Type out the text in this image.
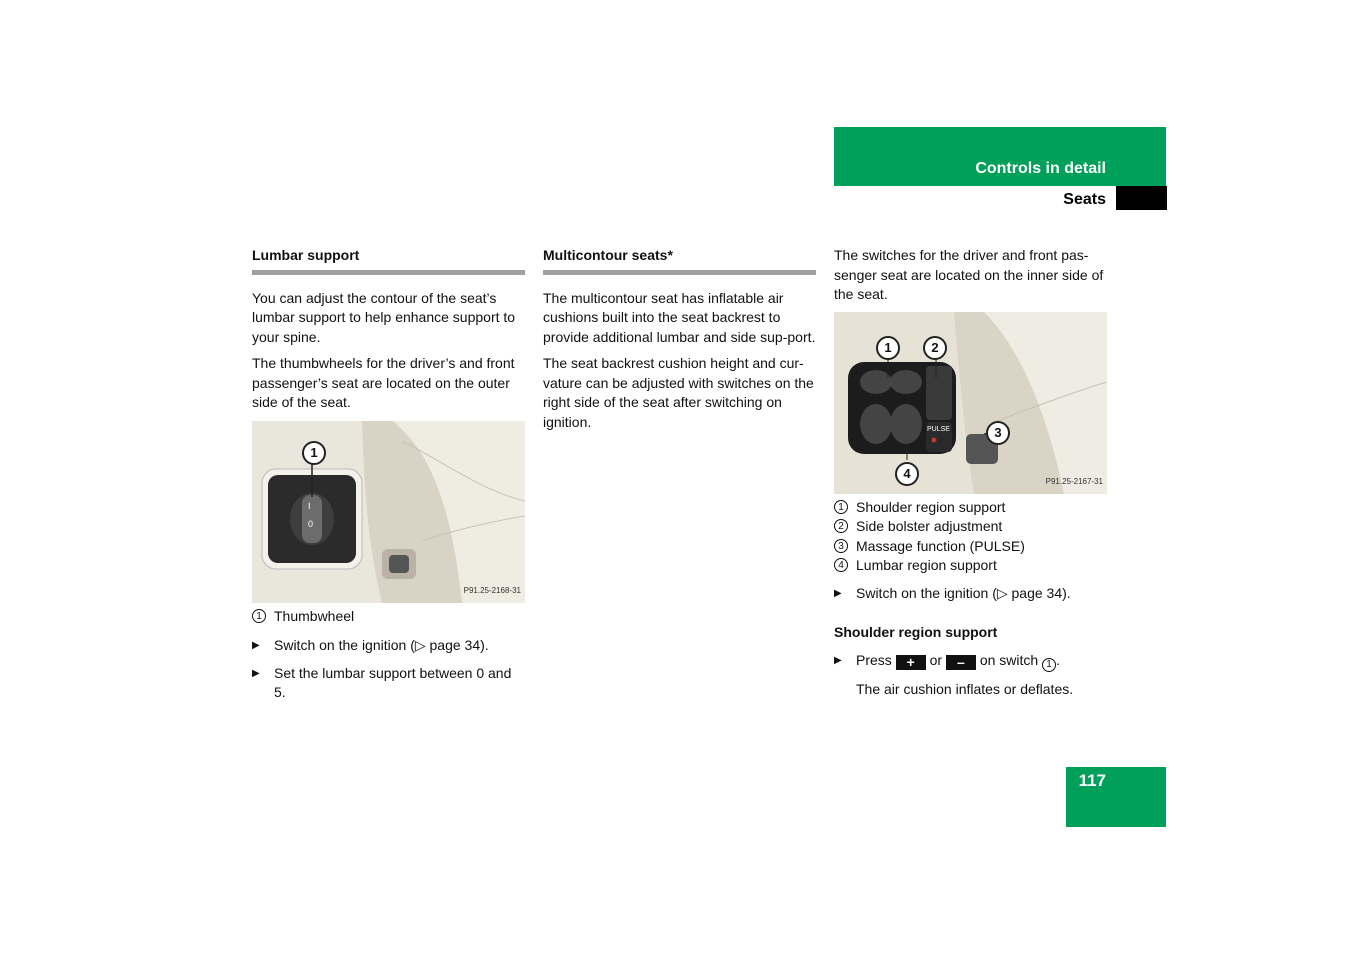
Controls in detail
Seats
Lumbar support

You can adjust the contour of the seat’s lumbar support to help enhance support to your spine.

The thumbwheels for the driver’s and front passenger’s seat are located on the outer side of the seat.

1
I
0
P91.25-2168-31
1 Thumbwheel
▶ Switch on the ignition (▷ page 34).
▶ Set the lumbar support between 0 and 5.
Multicontour seats*

The multicontour seat has inflatable air cushions built into the seat backrest to provide additional lumbar and side sup-port.

The seat backrest cushion height and cur-vature can be adjusted with switches on the right side of the seat after switching on ignition.

The switches for the driver and front pas-senger seat are located on the inner side of the seat.

1	2
3
4
PULSE
P91.25-2167-31
1 Shoulder region support
2 Side bolster adjustment
3 Massage function (PULSE)
4 Lumbar region support
▶ Switch on the ignition (▷ page 34).
Shoulder region support
▶ Press + or – on switch 1 .

The air cushion inflates or deflates.

117
